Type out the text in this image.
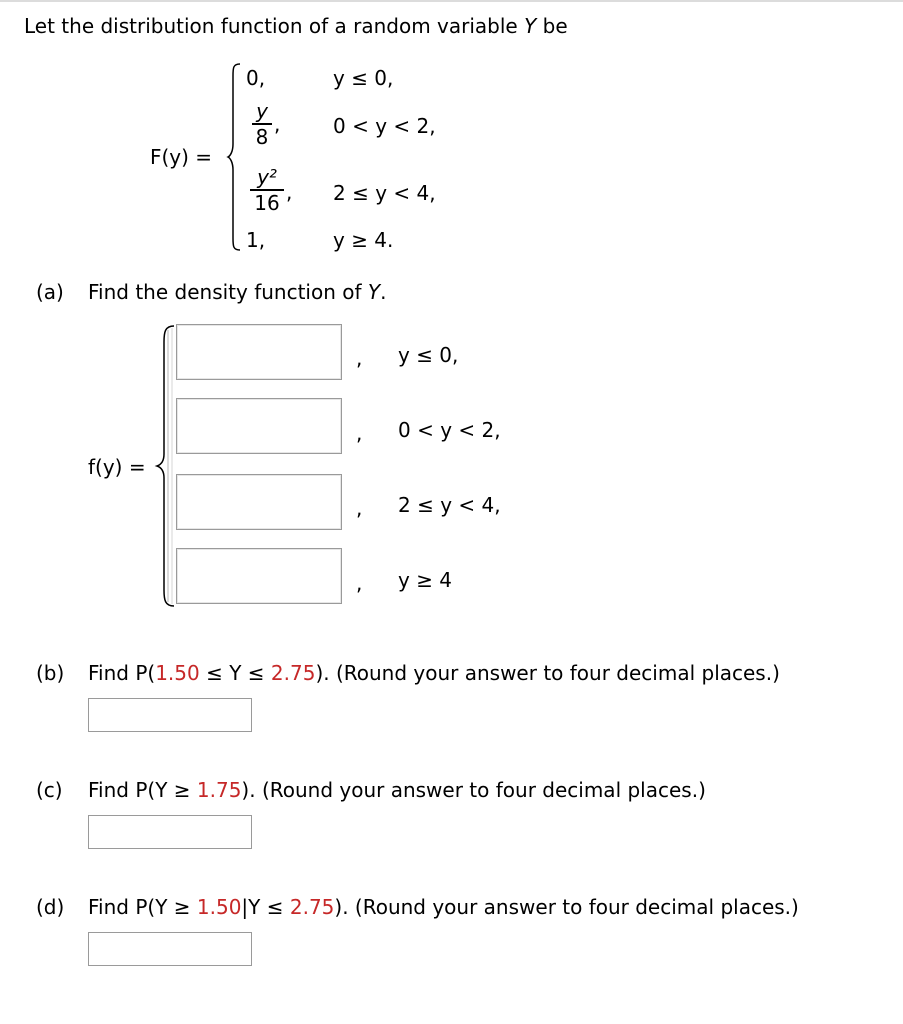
Let the distribution function of a random variable Y be
F(y) =
0,	y ≤ 0,
y
8
,	0 < y < 2,
y²
16 , 2 ≤ y < 4,
1,	y ≥ 4.
(a) Find the density function of Y.
f(y) =
, y ≤ 0,
, 0 < y < 2,
, 2 ≤ y < 4,
, y ≥ 4
(b) Find P(1.50 ≤ Y ≤ 2.75). (Round your answer to four decimal places.)
(c) Find P(Y ≥ 1.75). (Round your answer to four decimal places.)
(d) Find P(Y ≥ 1.50|Y ≤ 2.75). (Round your answer to four decimal places.)
